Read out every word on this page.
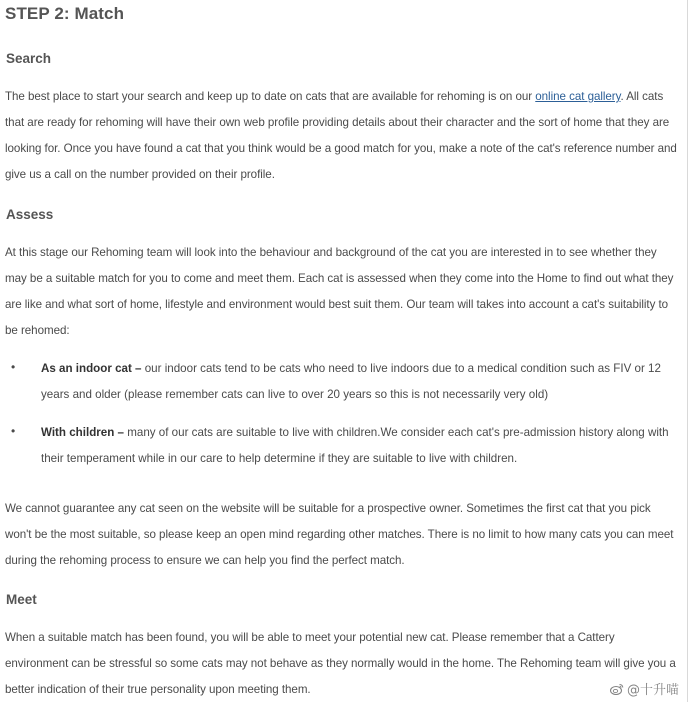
STEP 2: Match
Search

The best place to start your search and keep up to date on cats that are available for rehoming is on our online cat gallery. All cats that are ready for rehoming will have their own web profile providing details about their character and the sort of home that they are looking for. Once you have found a cat that you think would be a good match for you, make a note of the cat's reference number and give us a call on the number provided on their profile.

Assess

At this stage our Rehoming team will look into the behaviour and background of the cat you are interested in to see whether they may be a suitable match for you to come and meet them. Each cat is assessed when they come into the Home to find out what they are like and what sort of home, lifestyle and environment would best suit them. Our team will takes into account a cat's suitability to be rehomed:

• As an indoor cat – our indoor cats tend to be cats who need to live indoors due to a medical condition such as FIV or 12 years and older (please remember cats can live to over 20 years so this is not necessarily very old)

• With children – many of our cats are suitable to live with children.We consider each cat's pre-admission history along with their temperament while in our care to help determine if they are suitable to live with children.

We cannot guarantee any cat seen on the website will be suitable for a prospective owner. Sometimes the first cat that you pick won't be the most suitable, so please keep an open mind regarding other matches. There is no limit to how many cats you can meet during the rehoming process to ensure we can help you find the perfect match.

Meet

When a suitable match has been found, you will be able to meet your potential new cat. Please remember that a Cattery environment can be stressful so some cats may not behave as they normally would in the home. The Rehoming team will give you a better indication of their true personality upon meeting them.	@十升喵
